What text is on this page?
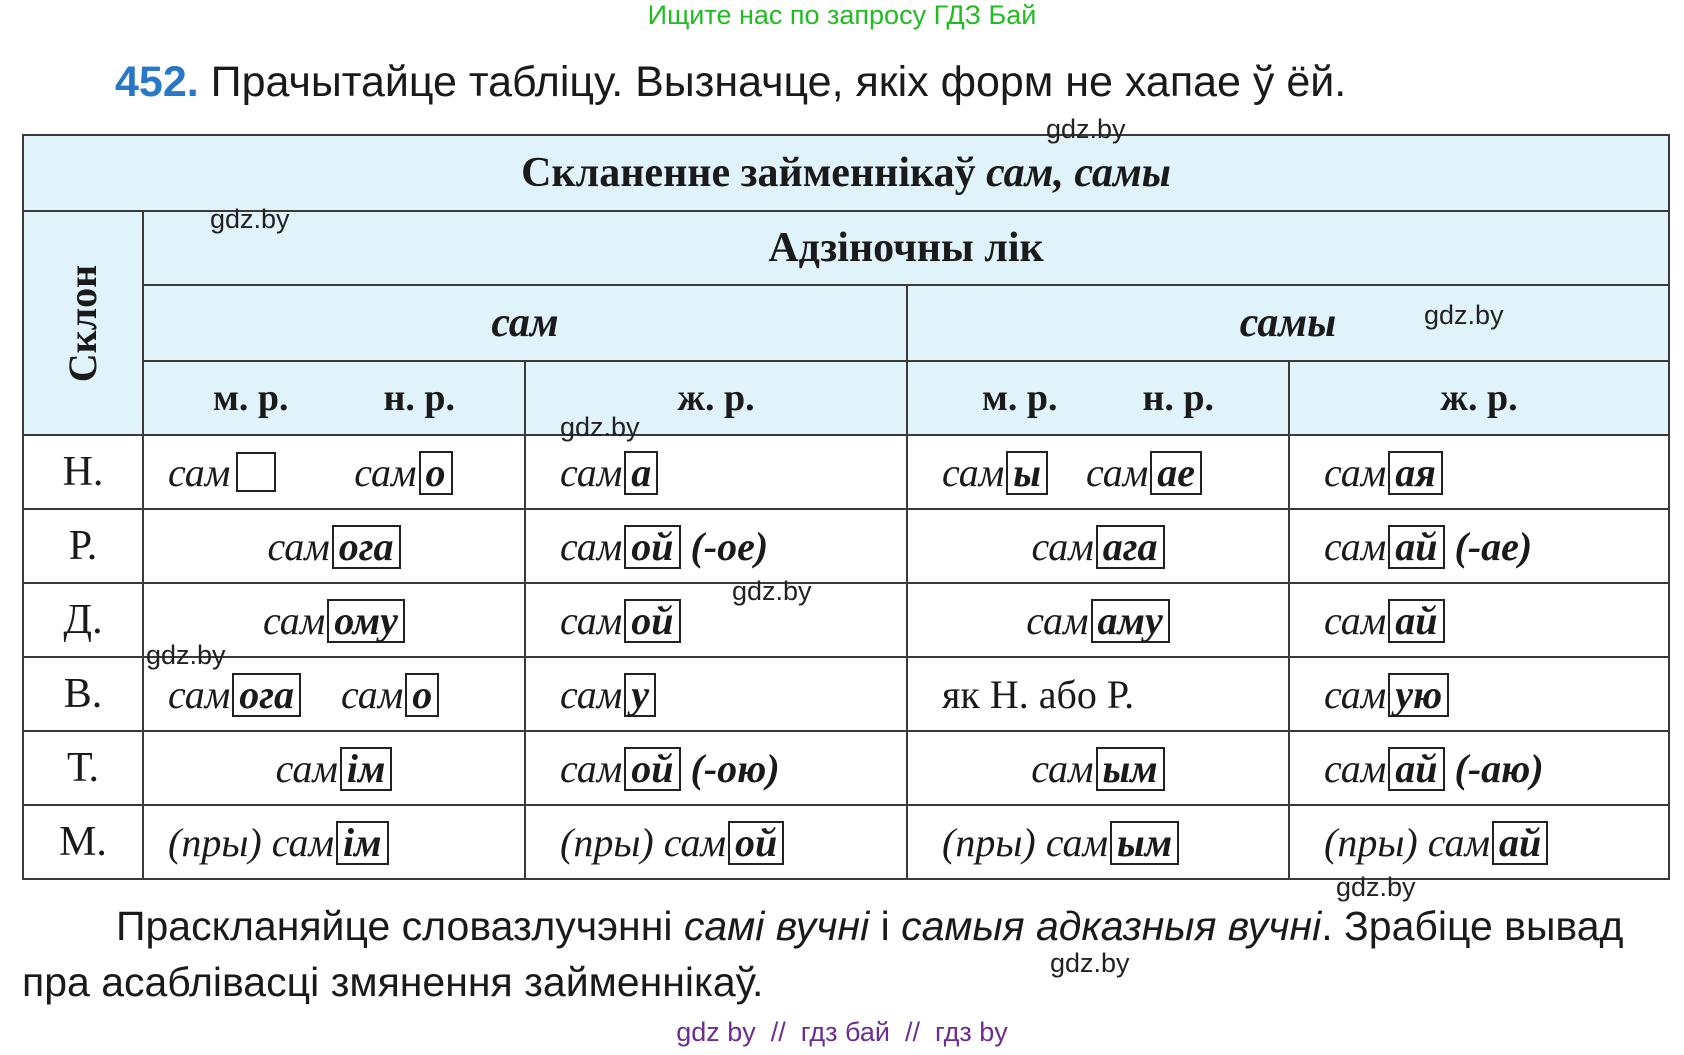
Ищите нас по запросу ГДЗ Бай
452. Прачытайце табліцу. Вызначце, якіх форм не хапае ў ёй.
Скланенне займеннікаў сам, самы				
Склон	Адзіночны лік			
	сам		самы	
	м. р. н. р.	ж. р.	м. р. н. р.	ж. р.
Н.	сам сам о	сам а	сам ы сам ае	сам ая
Р.	сам ога	сам ой (-ое)	сам ага	сам ай (-ае)
Д.	сам ому	сам ой	сам аму	сам ай
В.	сам ога сам о	сам у	як Н. або Р.	сам ую
Т.	сам ім	сам ой (-ою)	сам ым	сам ай (-аю)
М.	(пры) сам ім	(пры) сам ой	(пры) сам ым	(пры) сам ай
gdz.by
gdz.by
gdz.by
gdz.by
gdz.by
gdz.by
gdz.by
gdz.by
Праскланяйце словазлучэнні самі вучні і самыя адказныя вучні. Зрабіце вывад пра асаблівасці змянення займеннікаў.
gdz by  //  гдз бай  //  гдз by
